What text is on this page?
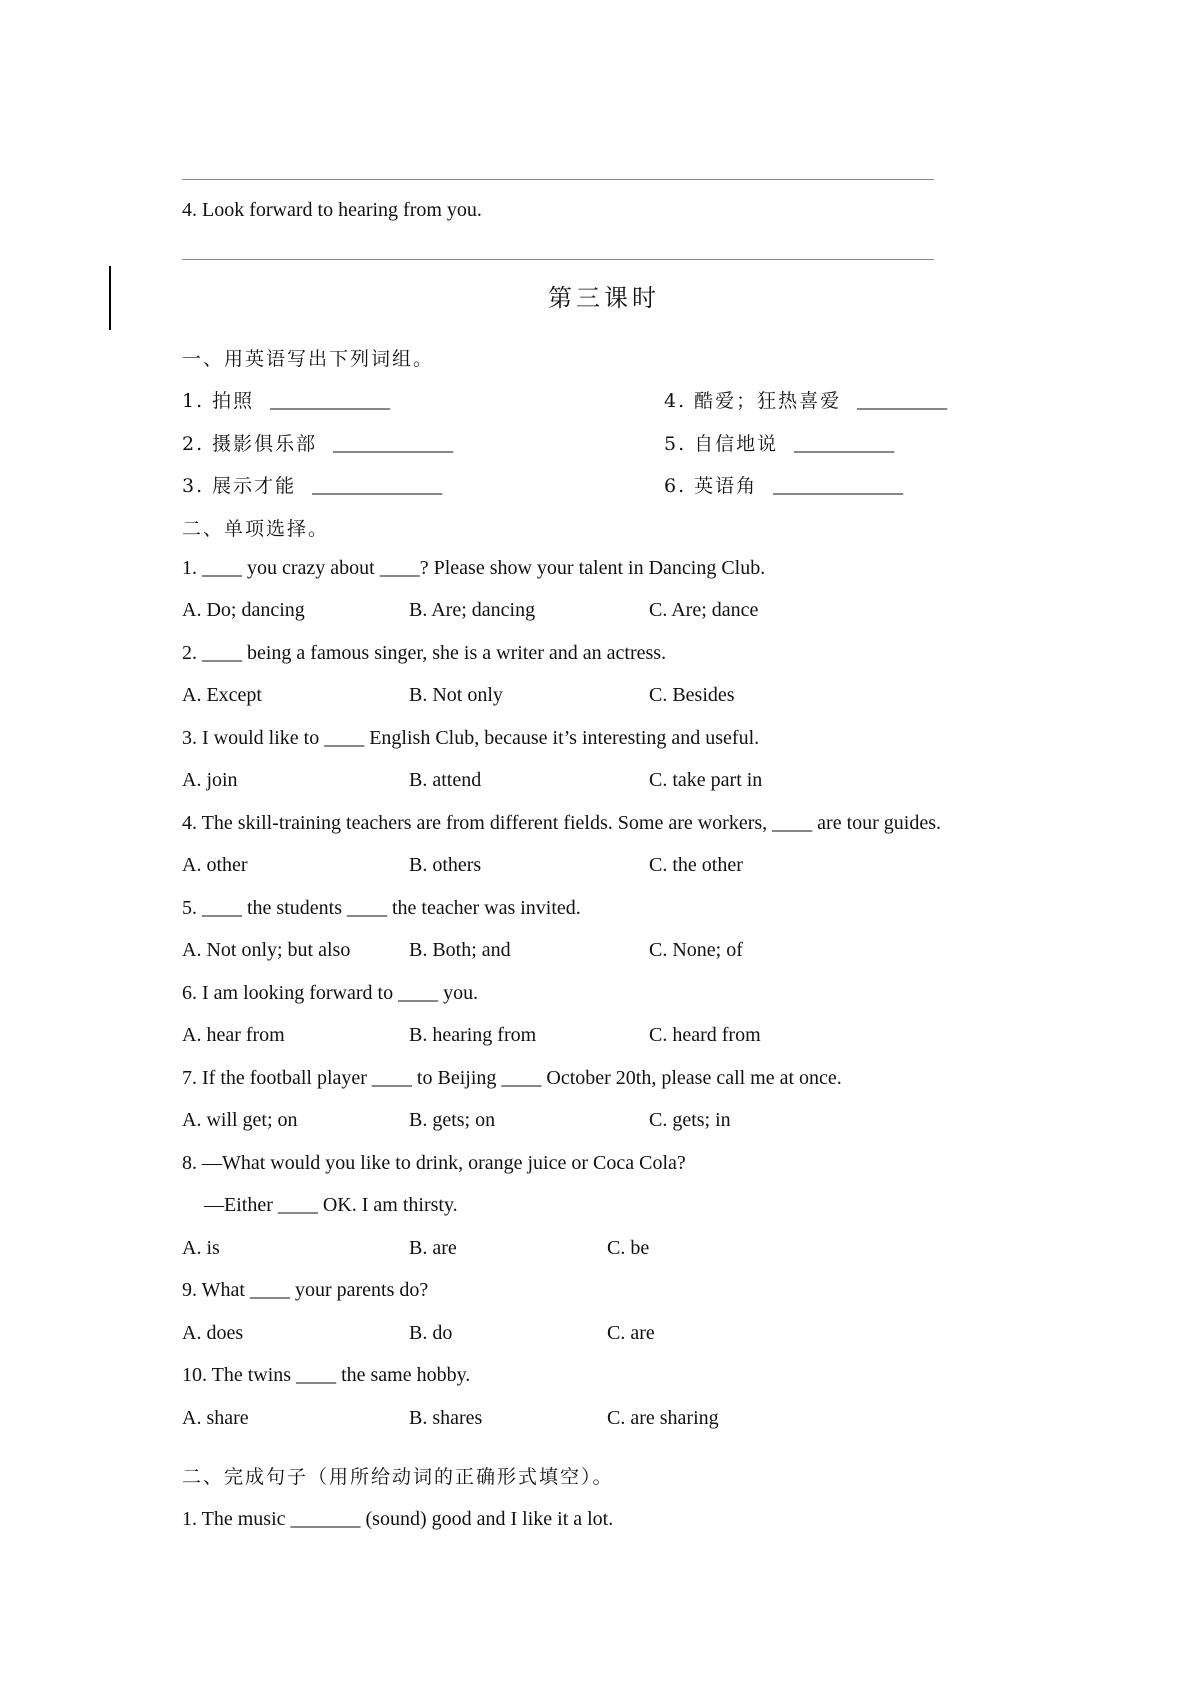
4. Look forward to hearing from you.
第三课时
一、用英语写出下列词组。
1. 拍照 ____________
2. 摄影俱乐部 ____________
3. 展示才能 _____________
4. 酷爱；狂热喜爱 _________
5. 自信地说 __________
6. 英语角 _____________
二、单项选择。
1. ____ you crazy about ____? Please show your talent in Dancing Club.
A. Do; dancing	B. Are; dancing	C. Are; dance
2. ____ being a famous singer, she is a writer and an actress.
A. Except	B. Not only	C. Besides
3. I would like to ____ English Club, because it’s interesting and useful.
A. join	B. attend	C. take part in
4. The skill-training teachers are from different fields. Some are workers, ____ are tour guides.
A. other	B. others	C. the other
5. ____ the students ____ the teacher was invited.
A. Not only; but also	B. Both; and	C. None; of
6. I am looking forward to ____ you.
A. hear from	B. hearing from	C. heard from
7. If the football player ____ to Beijing ____ October 20th, please call me at once.
A. will get; on	B. gets; on	C. gets; in
8. —What would you like to drink, orange juice or Coca Cola?
—Either ____ OK. I am thirsty.
A. is	B. are	C. be
9. What ____ your parents do?
A. does	B. do	C. are
10. The twins ____ the same hobby.
A. share	B. shares	C. are sharing
二、完成句子（用所给动词的正确形式填空）。
1. The music _______ (sound) good and I like it a lot.
